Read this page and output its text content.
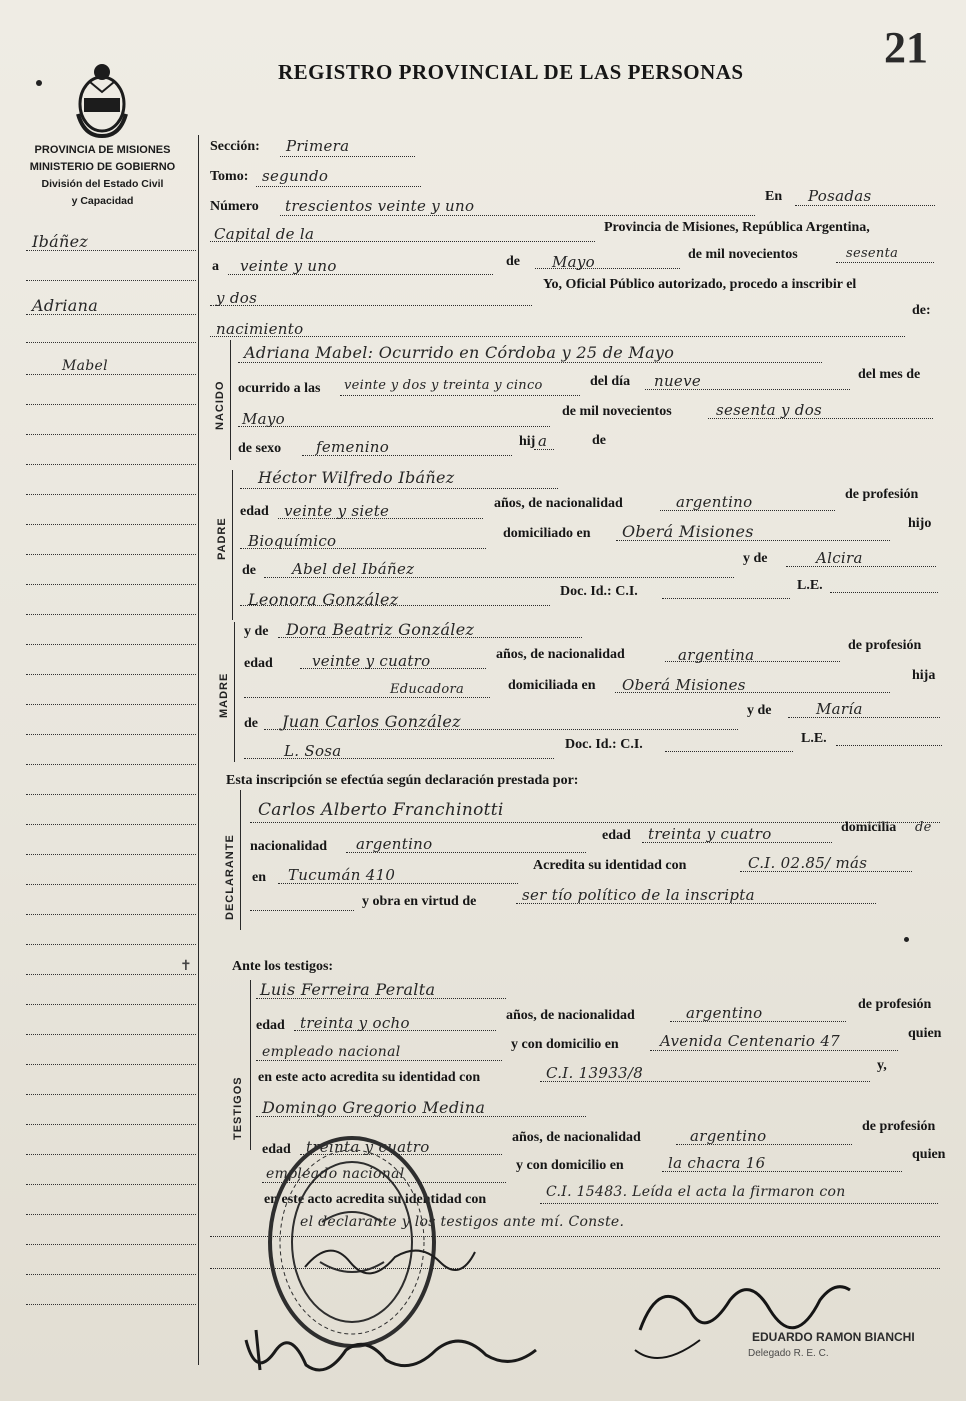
REGISTRO PROVINCIAL DE LAS PERSONAS	21
PROVINCIA DE MISIONES
MINISTERIO DE GOBIERNO
División del Estado Civil
y Capacidad
Ibáñez
Adriana
Mabel
Sección: Primera
Tomo: segundo
Número trescientos veinte y uno
En Posadas
Capital de la	Provincia de Misiones, República Argentina,
a veinte y uno	de Mayo	de mil novecientos	sesenta
y dos
Yo, Oficial Público autorizado, procedo a inscribir el
nacimiento
de:
NACIDO
Adriana Mabel: Ocurrido en Córdoba y 25 de Mayo
ocurrido a las veinte y dos y treinta y cinco	del día nueve	del mes de
Mayo	de mil novecientos	sesenta y dos
de sexo femenino	hij a	de
PADRE
Héctor Wilfredo Ibáñez
edad veinte y siete	años, de nacionalidad	argentino	de profesión
Bioquímico	domiciliado en Oberá Misiones	hijo
de Abel del Ibáñez
y de	Alcira
Leonora González	Doc. Id.: C.I.	L.E.
MADRE
y de Dora Beatriz González
edad	veinte y cuatro	años, de nacionalidad	argentina
de profesión
Educadora	domiciliada en Oberá Misiones
hija
de Juan Carlos González
y de	María
L. Sosa	Doc. Id.: C.I.	L.E.
Esta inscripción se efectúa según declaración prestada por:
DECLARANTE
Carlos Alberto Franchinotti
nacionalidad argentino	edad treinta y cuatro	domicilia de
en Tucumán 410
Acredita su identidad con	C.I. 02.85/ más
y obra en virtud de	ser tío político de la inscripta
Ante los testigos:
✝
TESTIGOS
Luis Ferreira Peralta
edad treinta y ocho	años, de nacionalidad	argentino	de profesión
empleado nacional	y con domicilio en	Avenida Centenario 47	quien
en este acto acredita su identidad con	C.I. 13933/8	y,
Domingo Gregorio Medina
edad treinta y cuatro
años, de nacionalidad	argentino
de profesión
empleado nacional
y con domicilio en	la chacra 16	quien
en este acto acredita su identidad con	C.I. 15483. Leída el acta la firmaron con
el declarante y los testigos ante mí. Conste.
EDUARDO RAMON BIANCHI
Delegado R. E. C.
